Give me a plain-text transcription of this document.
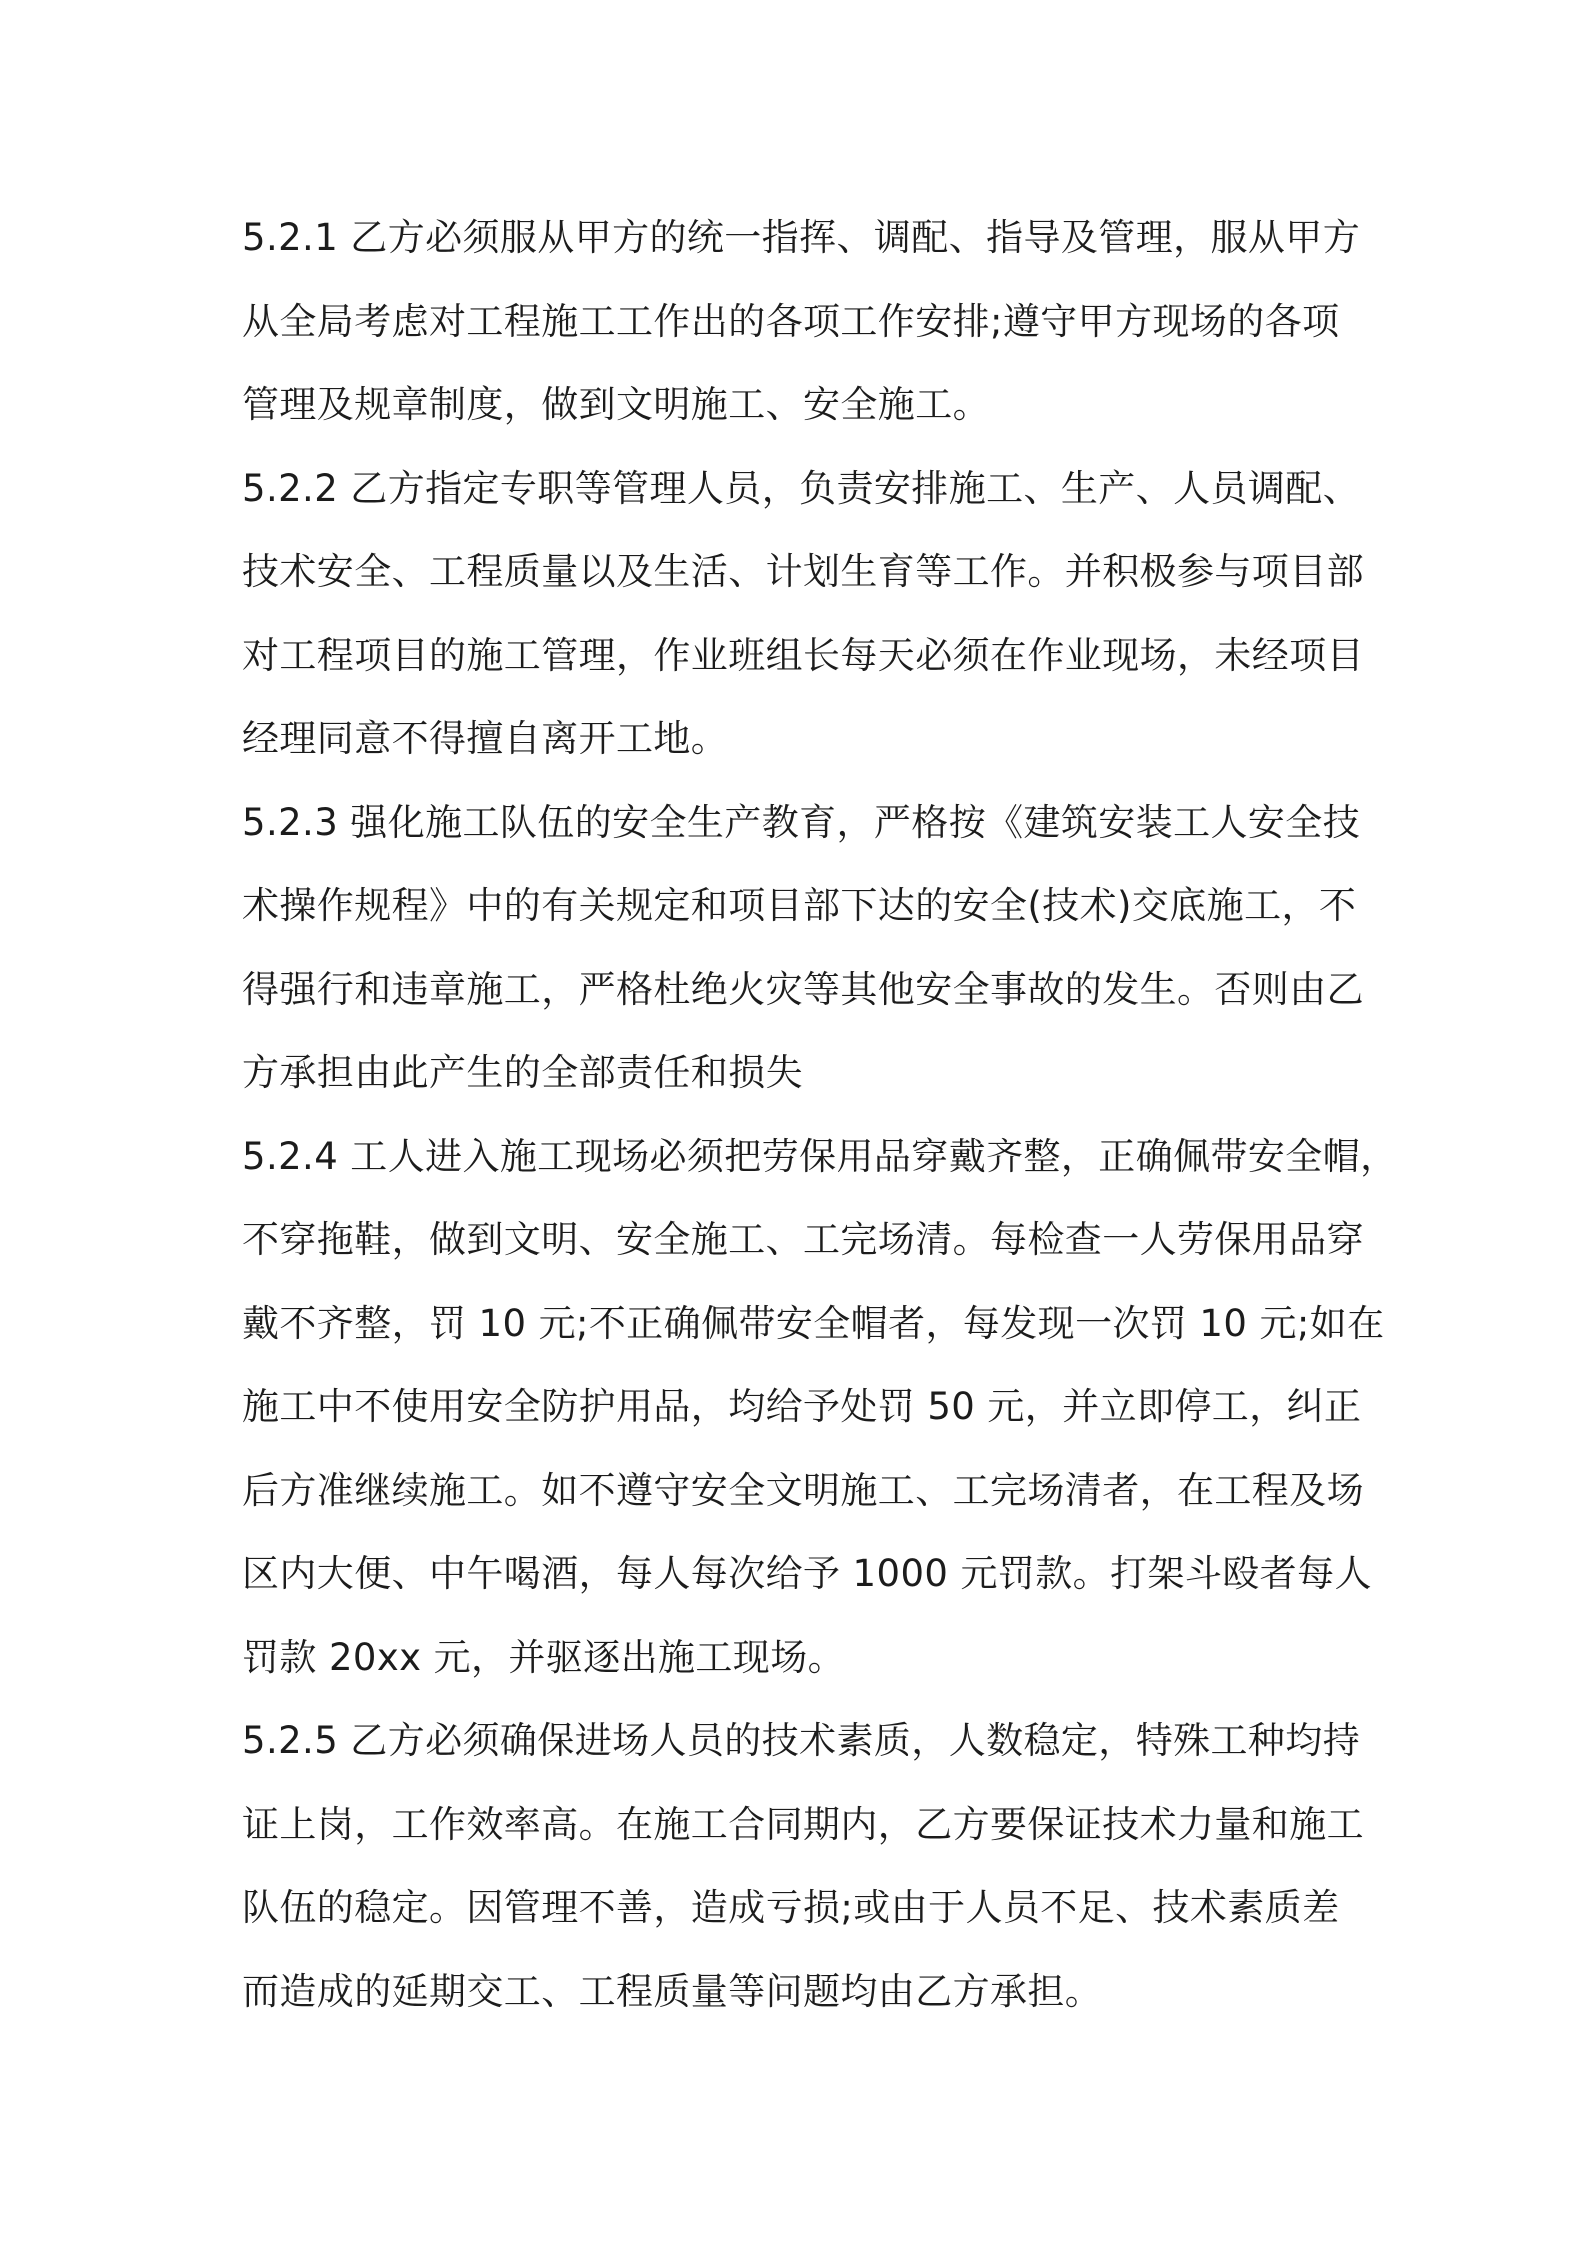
5.2.1 乙方必须服从甲方的统一指挥、调配、指导及管理，服从甲方
从全局考虑对工程施工工作出的各项工作安排;遵守甲方现场的各项
管理及规章制度，做到文明施工、安全施工。
5.2.2 乙方指定专职等管理人员，负责安排施工、生产、人员调配、
技术安全、工程质量以及生活、计划生育等工作。并积极参与项目部
对工程项目的施工管理，作业班组长每天必须在作业现场，未经项目
经理同意不得擅自离开工地。
5.2.3 强化施工队伍的安全生产教育，严格按《建筑安装工人安全技
术操作规程》中的有关规定和项目部下达的安全(技术)交底施工，不
得强行和违章施工，严格杜绝火灾等其他安全事故的发生。否则由乙
方承担由此产生的全部责任和损失
5.2.4 工人进入施工现场必须把劳保用品穿戴齐整，正确佩带安全帽，
不穿拖鞋，做到文明、安全施工、工完场清。每检查一人劳保用品穿
戴不齐整，罚 10 元;不正确佩带安全帽者，每发现一次罚 10 元;如在
施工中不使用安全防护用品，均给予处罚 50 元，并立即停工，纠正
后方准继续施工。如不遵守安全文明施工、工完场清者，在工程及场
区内大便、中午喝酒，每人每次给予 1000 元罚款。打架斗殴者每人
罚款 20xx 元，并驱逐出施工现场。
5.2.5 乙方必须确保进场人员的技术素质，人数稳定，特殊工种均持
证上岗，工作效率高。在施工合同期内，乙方要保证技术力量和施工
队伍的稳定。因管理不善，造成亏损;或由于人员不足、技术素质差
而造成的延期交工、工程质量等问题均由乙方承担。
